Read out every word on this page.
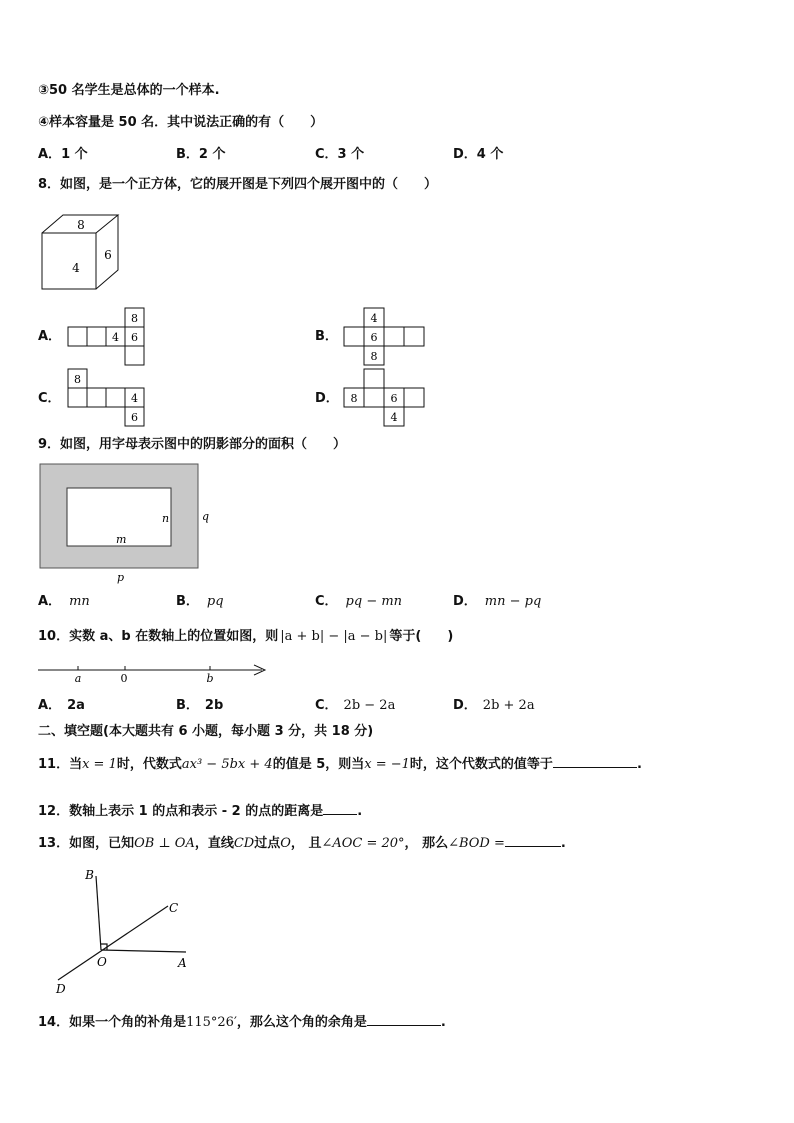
③50 名学生是总体的一个样本.
④样本容量是 50 名．其中说法正确的有（　　）
A．1 个	B．2 个	C．3 个	D．4 个
8．如图，是一个正方体，它的展开图是下列四个展开图中的（　　）
8
4
6
A．
8
4 6	B．
4
6
8
C．
8
4
6
D． 8	6
4
9．如图，用字母表示图中的阴影部分的面积（　　）
n	q
m
p
A． mn	B． pq	C． pq − mn	D． mn − pq
10．实数 a、b 在数轴上的位置如图，则 |a + b| − |a − b| 等于(　　)
a	0	b
A． 2a	B． 2b	C． 2b − 2a	D． 2b + 2a
二、填空题(本大题共有 6 小题，每小题 3 分，共 18 分)
11．当x = 1时，代数式ax³ − 5bx + 4的值是 5，则当x = −1时，这个代数式的值等于	.
12．数轴上表示 1 的点和表示 - 2 的点的距离是	.
13．如图，已知OB ⊥ OA，直线CD过点O， 且∠AOC = 20°， 那么∠BOD =	.
B
C
O	A
D
14．如果一个角的补角是115°26′，那么这个角的余角是	.
